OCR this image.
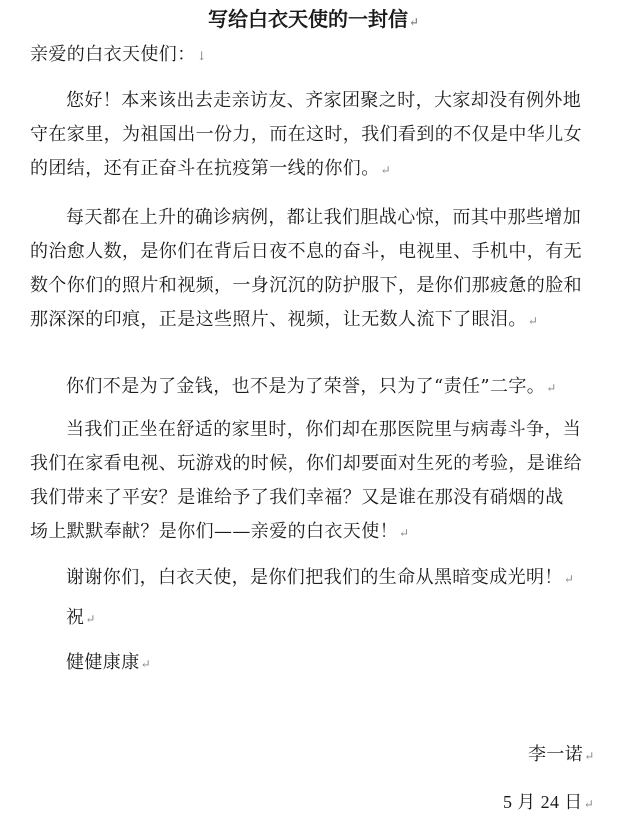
写给白衣天使的一封信↵
亲爱的白衣天使们：↓
您好！本来该出去走亲访友、齐家团聚之时，大家却没有例外地
守在家里，为祖国出一份力，而在这时，我们看到的不仅是中华儿女
的团结，还有正奋斗在抗疫第一线的你们。↵
每天都在上升的确诊病例，都让我们胆战心惊，而其中那些增加
的治愈人数，是你们在背后日夜不息的奋斗，电视里、手机中，有无
数个你们的照片和视频，一身沉沉的防护服下，是你们那疲惫的脸和
那深深的印痕，正是这些照片、视频，让无数人流下了眼泪。↵
你们不是为了金钱，也不是为了荣誉，只为了“责任”二字。↵
当我们正坐在舒适的家里时，你们却在那医院里与病毒斗争，当
我们在家看电视、玩游戏的时候，你们却要面对生死的考验，是谁给
我们带来了平安？是谁给予了我们幸福？又是谁在那没有硝烟的战
场上默默奉献？是你们——亲爱的白衣天使！↵
谢谢你们，白衣天使，是你们把我们的生命从黑暗变成光明！↵
祝↵
健健康康↵
李一诺↵
5 月 24 日↵
